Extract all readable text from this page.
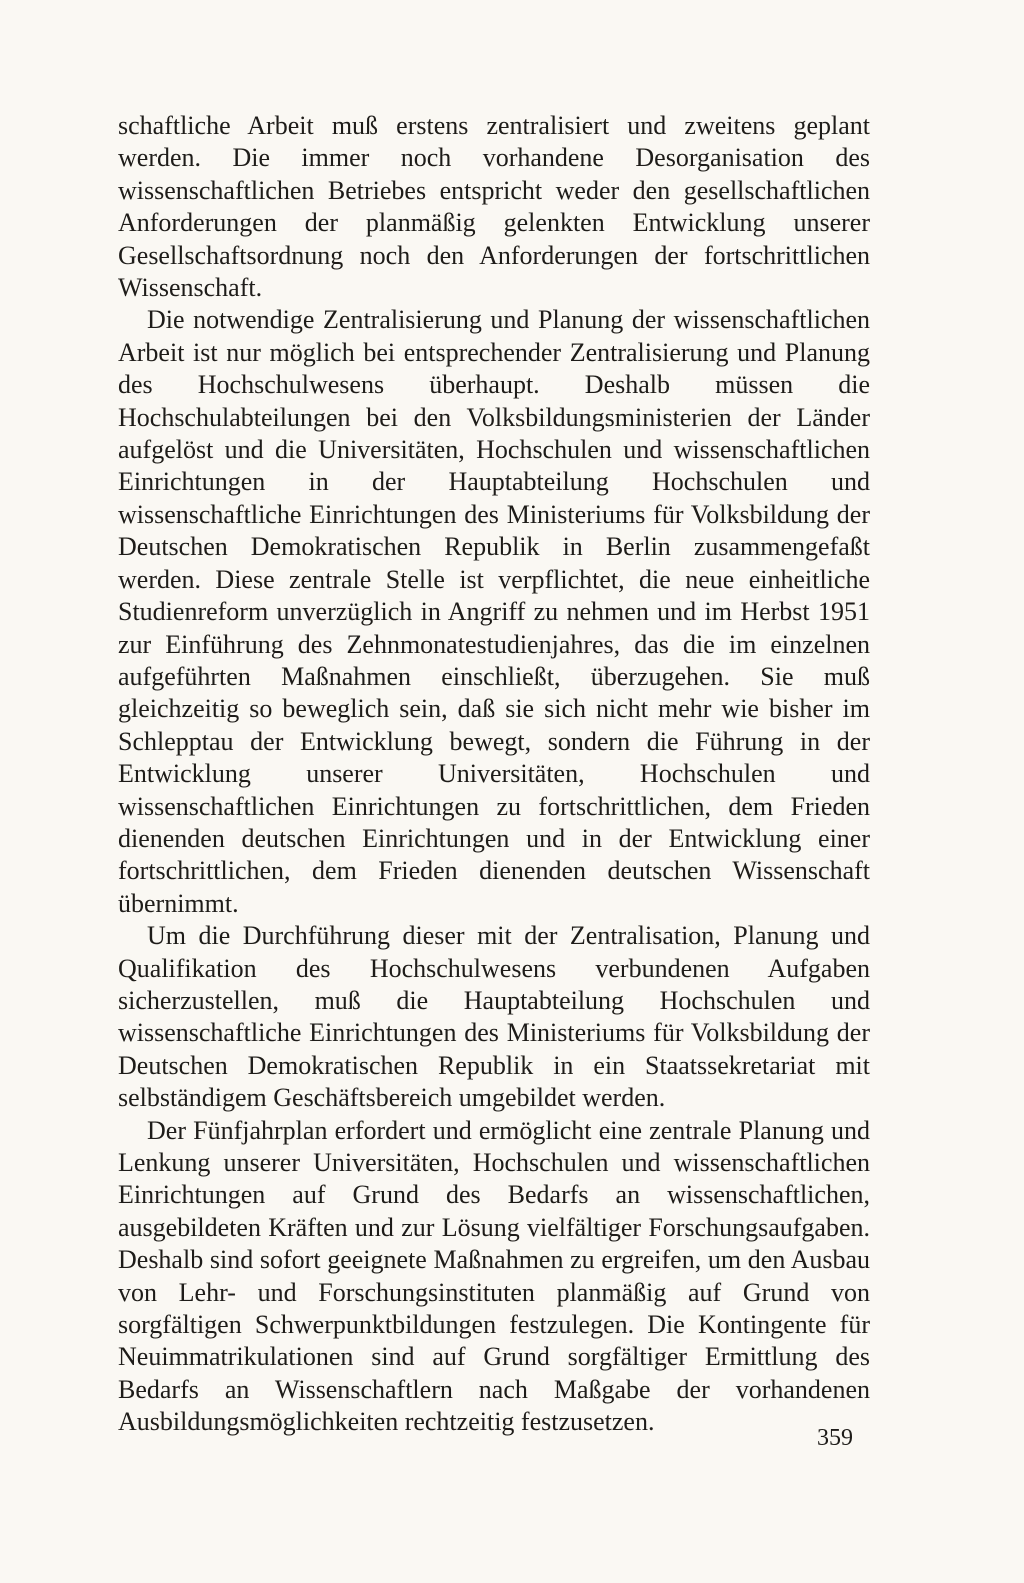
schaftliche Arbeit muß erstens zentralisiert und zweitens geplant werden. Die immer noch vorhandene Desorganisation des wissenschaftlichen Betriebes entspricht weder den gesellschaftlichen Anforderungen der planmäßig gelenkten Entwicklung unserer Gesellschaftsordnung noch den Anforderungen der fortschrittlichen Wissenschaft.

Die notwendige Zentralisierung und Planung der wissenschaftlichen Arbeit ist nur möglich bei entsprechender Zentralisierung und Planung des Hochschulwesens überhaupt. Deshalb müssen die Hochschulabteilungen bei den Volksbildungsministerien der Länder aufgelöst und die Universitäten, Hochschulen und wissenschaftlichen Einrichtungen in der Hauptabteilung Hochschulen und wissenschaftliche Einrichtungen des Ministeriums für Volksbildung der Deutschen Demokratischen Republik in Berlin zusammengefaßt werden. Diese zentrale Stelle ist verpflichtet, die neue einheitliche Studienreform unverzüglich in Angriff zu nehmen und im Herbst 1951 zur Einführung des Zehnmonatestudienjahres, das die im einzelnen aufgeführten Maßnahmen einschließt, überzugehen. Sie muß gleichzeitig so beweglich sein, daß sie sich nicht mehr wie bisher im Schlepptau der Entwicklung bewegt, sondern die Führung in der Entwicklung unserer Universitäten, Hochschulen und wissenschaftlichen Einrichtungen zu fortschrittlichen, dem Frieden dienenden deutschen Einrichtungen und in der Entwicklung einer fortschrittlichen, dem Frieden dienenden deutschen Wissenschaft übernimmt.

Um die Durchführung dieser mit der Zentralisation, Planung und Qualifikation des Hochschulwesens verbundenen Aufgaben sicherzustellen, muß die Hauptabteilung Hochschulen und wissenschaftliche Einrichtungen des Ministeriums für Volksbildung der Deutschen Demokratischen Republik in ein Staatssekretariat mit selbständigem Geschäftsbereich umgebildet werden.

Der Fünfjahrplan erfordert und ermöglicht eine zentrale Planung und Lenkung unserer Universitäten, Hochschulen und wissenschaftlichen Einrichtungen auf Grund des Bedarfs an wissenschaftlichen, ausgebildeten Kräften und zur Lösung vielfältiger Forschungsaufgaben. Deshalb sind sofort geeignete Maßnahmen zu ergreifen, um den Ausbau von Lehr- und Forschungsinstituten planmäßig auf Grund von sorgfältigen Schwerpunktbildungen festzulegen. Die Kontingente für Neuimmatrikulationen sind auf Grund sorgfältiger Ermittlung des Bedarfs an Wissenschaftlern nach Maßgabe der vorhandenen Ausbildungsmöglichkeiten rechtzeitig festzusetzen.

359
